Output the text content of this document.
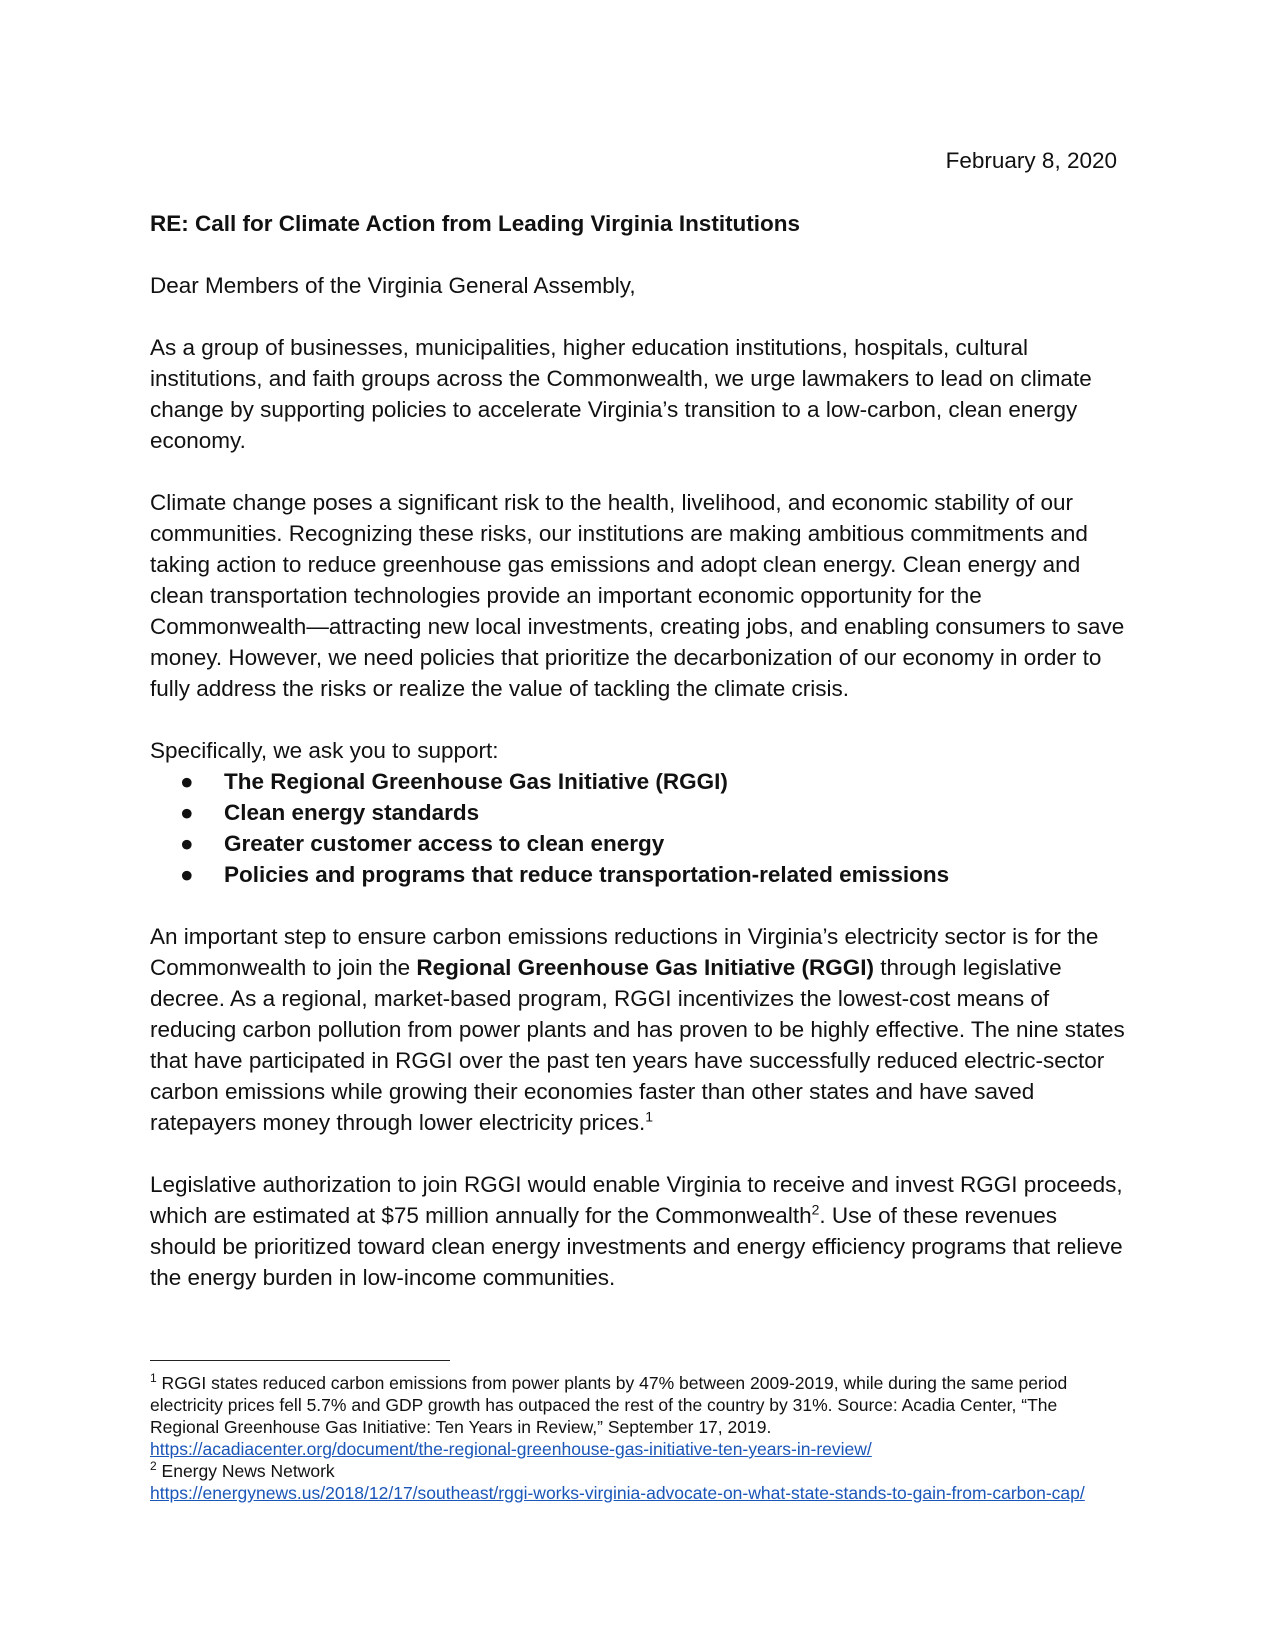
February 8, 2020

RE: Call for Climate Action from Leading Virginia Institutions

Dear Members of the Virginia General Assembly,

As a group of businesses, municipalities, higher education institutions, hospitals, cultural institutions, and faith groups across the Commonwealth, we urge lawmakers to lead on climate change by supporting policies to accelerate Virginia’s transition to a low-carbon, clean energy economy.

Climate change poses a significant risk to the health, livelihood, and economic stability of our communities. Recognizing these risks, our institutions are making ambitious commitments and taking action to reduce greenhouse gas emissions and adopt clean energy. Clean energy and clean transportation technologies provide an important economic opportunity for the Commonwealth—attracting new local investments, creating jobs, and enabling consumers to save money. However, we need policies that prioritize the decarbonization of our economy in order to fully address the risks or realize the value of tackling the climate crisis.

Specifically, we ask you to support:
● The Regional Greenhouse Gas Initiative (RGGI)
● Clean energy standards
● Greater customer access to clean energy
● Policies and programs that reduce transportation-related emissions

An important step to ensure carbon emissions reductions in Virginia’s electricity sector is for the Commonwealth to join the Regional Greenhouse Gas Initiative (RGGI) through legislative decree. As a regional, market-based program, RGGI incentivizes the lowest-cost means of reducing carbon pollution from power plants and has proven to be highly effective. The nine states that have participated in RGGI over the past ten years have successfully reduced electric-sector carbon emissions while growing their economies faster than other states and have saved ratepayers money through lower electricity prices.$^1$

Legislative authorization to join RGGI would enable Virginia to receive and invest RGGI proceeds, which are estimated at $75 million annually for the Commonwealth$^2$. Use of these revenues should be prioritized toward clean energy investments and energy efficiency programs that relieve the energy burden in low-income communities.

$^1$ RGGI states reduced carbon emissions from power plants by 47% between 2009-2019, while during the same period electricity prices fell 5.7% and GDP growth has outpaced the rest of the country by 31%. Source: Acadia Center, “The Regional Greenhouse Gas Initiative: Ten Years in Review,” September 17, 2019.
https://acadiacenter.org/document/the-regional-greenhouse-gas-initiative-ten-years-in-review/

$^2$ Energy News Network
https://energynews.us/2018/12/17/southeast/rggi-works-virginia-advocate-on-what-state-stands-to-gain-from-carbon-cap/
